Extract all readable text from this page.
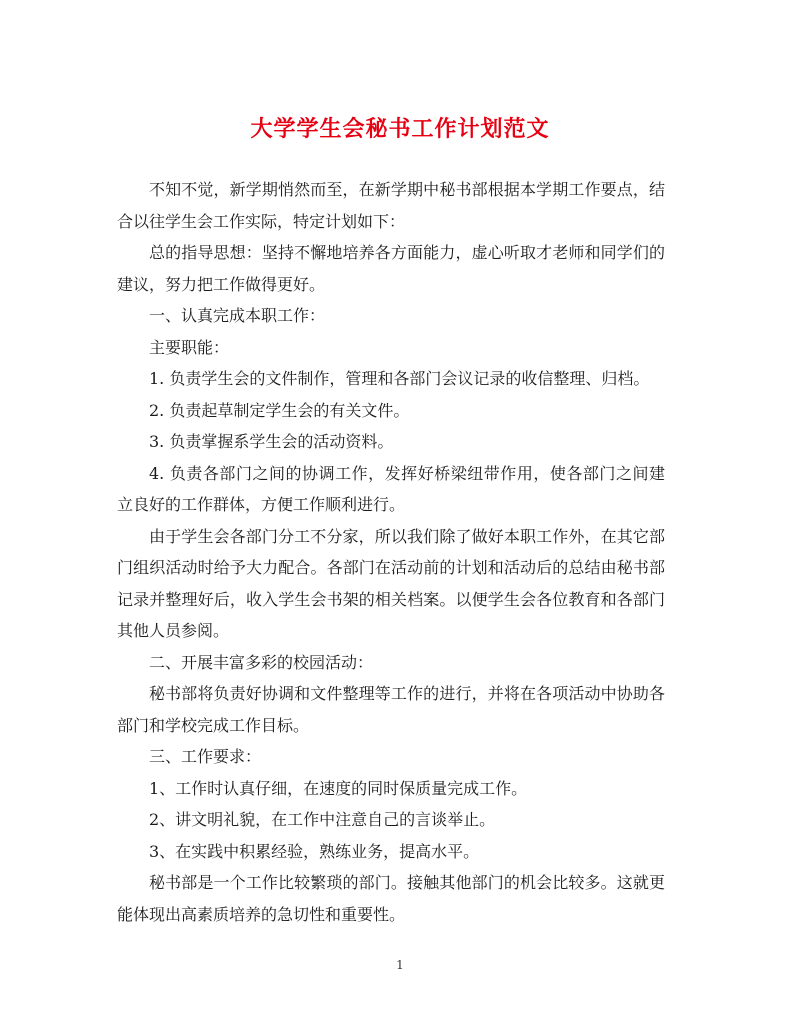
大学学生会秘书工作计划范文

不知不觉，新学期悄然而至，在新学期中秘书部根据本学期工作要点，结合以往学生会工作实际，特定计划如下：

总的指导思想：坚持不懈地培养各方面能力，虚心听取才老师和同学们的建议，努力把工作做得更好。

一、认真完成本职工作：

主要职能：

1. 负责学生会的文件制作，管理和各部门会议记录的收信整理、归档。

2. 负责起草制定学生会的有关文件。

3. 负责掌握系学生会的活动资料。

4. 负责各部门之间的协调工作，发挥好桥梁纽带作用，使各部门之间建立良好的工作群体，方便工作顺利进行。

由于学生会各部门分工不分家，所以我们除了做好本职工作外，在其它部门组织活动时给予大力配合。各部门在活动前的计划和活动后的总结由秘书部记录并整理好后，收入学生会书架的相关档案。以便学生会各位教育和各部门其他人员参阅。

二、开展丰富多彩的校园活动：

秘书部将负责好协调和文件整理等工作的进行，并将在各项活动中协助各部门和学校完成工作目标。

三、工作要求：

1、工作时认真仔细，在速度的同时保质量完成工作。

2、讲文明礼貌，在工作中注意自己的言谈举止。

3、在实践中积累经验，熟练业务，提高水平。

秘书部是一个工作比较繁琐的部门。接触其他部门的机会比较多。这就更能体现出高素质培养的急切性和重要性。

1
